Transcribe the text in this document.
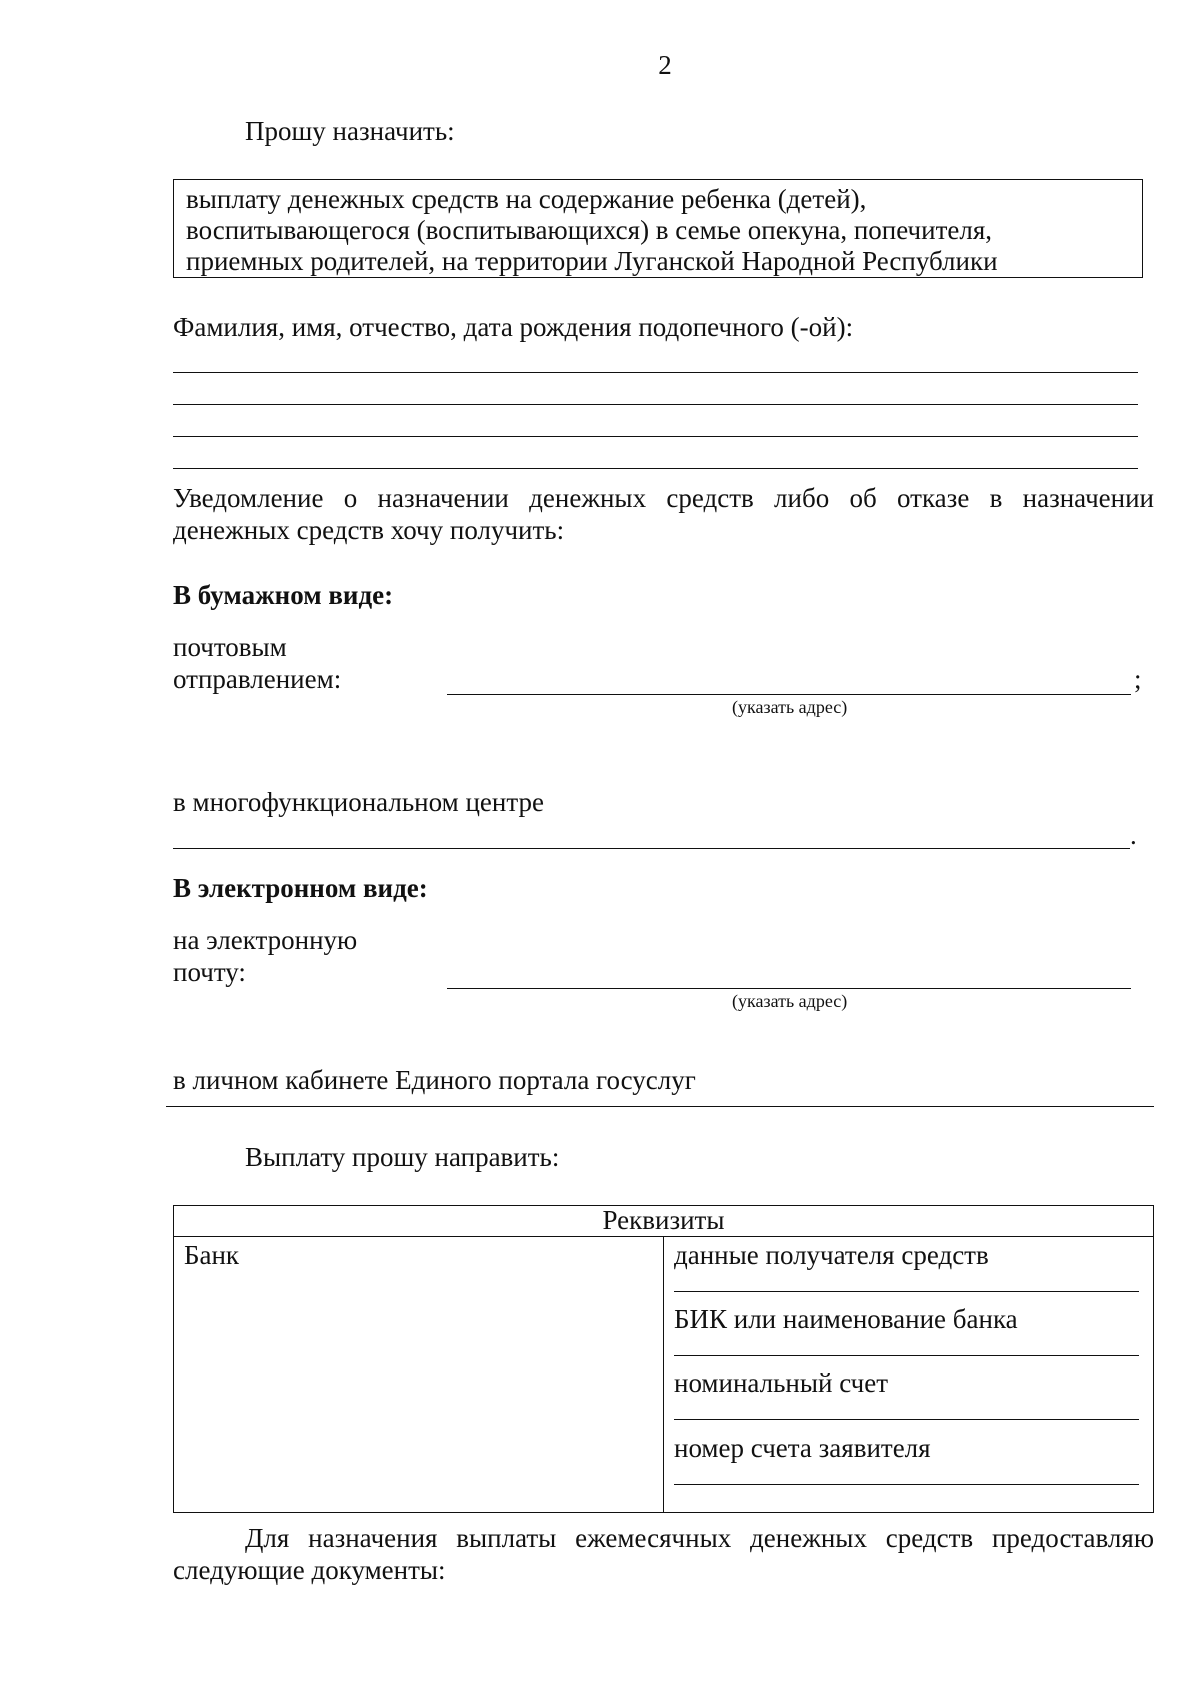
2
Прошу назначить:
выплату денежных средств на содержание ребенка (детей),
воспитывающегося (воспитывающихся) в семье опекуна, попечителя,
приемных родителей, на территории Луганской Народной Республики
Фамилия, имя, отчество, дата рождения подопечного (-ой):
Уведомление о назначении денежных средств либо об отказе в назначении
денежных средств хочу получить:
В бумажном виде:
почтовым
отправлением:	;
(указать адрес)
в многофункциональном центре
.
В электронном виде:
на электронную
почту:
(указать адрес)
в личном кабинете Единого портала госуслуг
Выплату прошу направить:
Реквизиты
Банк	данные получателя средств
БИК или наименование банка
номинальный счет
номер счета заявителя
Для назначения выплаты ежемесячных денежных средств предоставляю
следующие документы:
